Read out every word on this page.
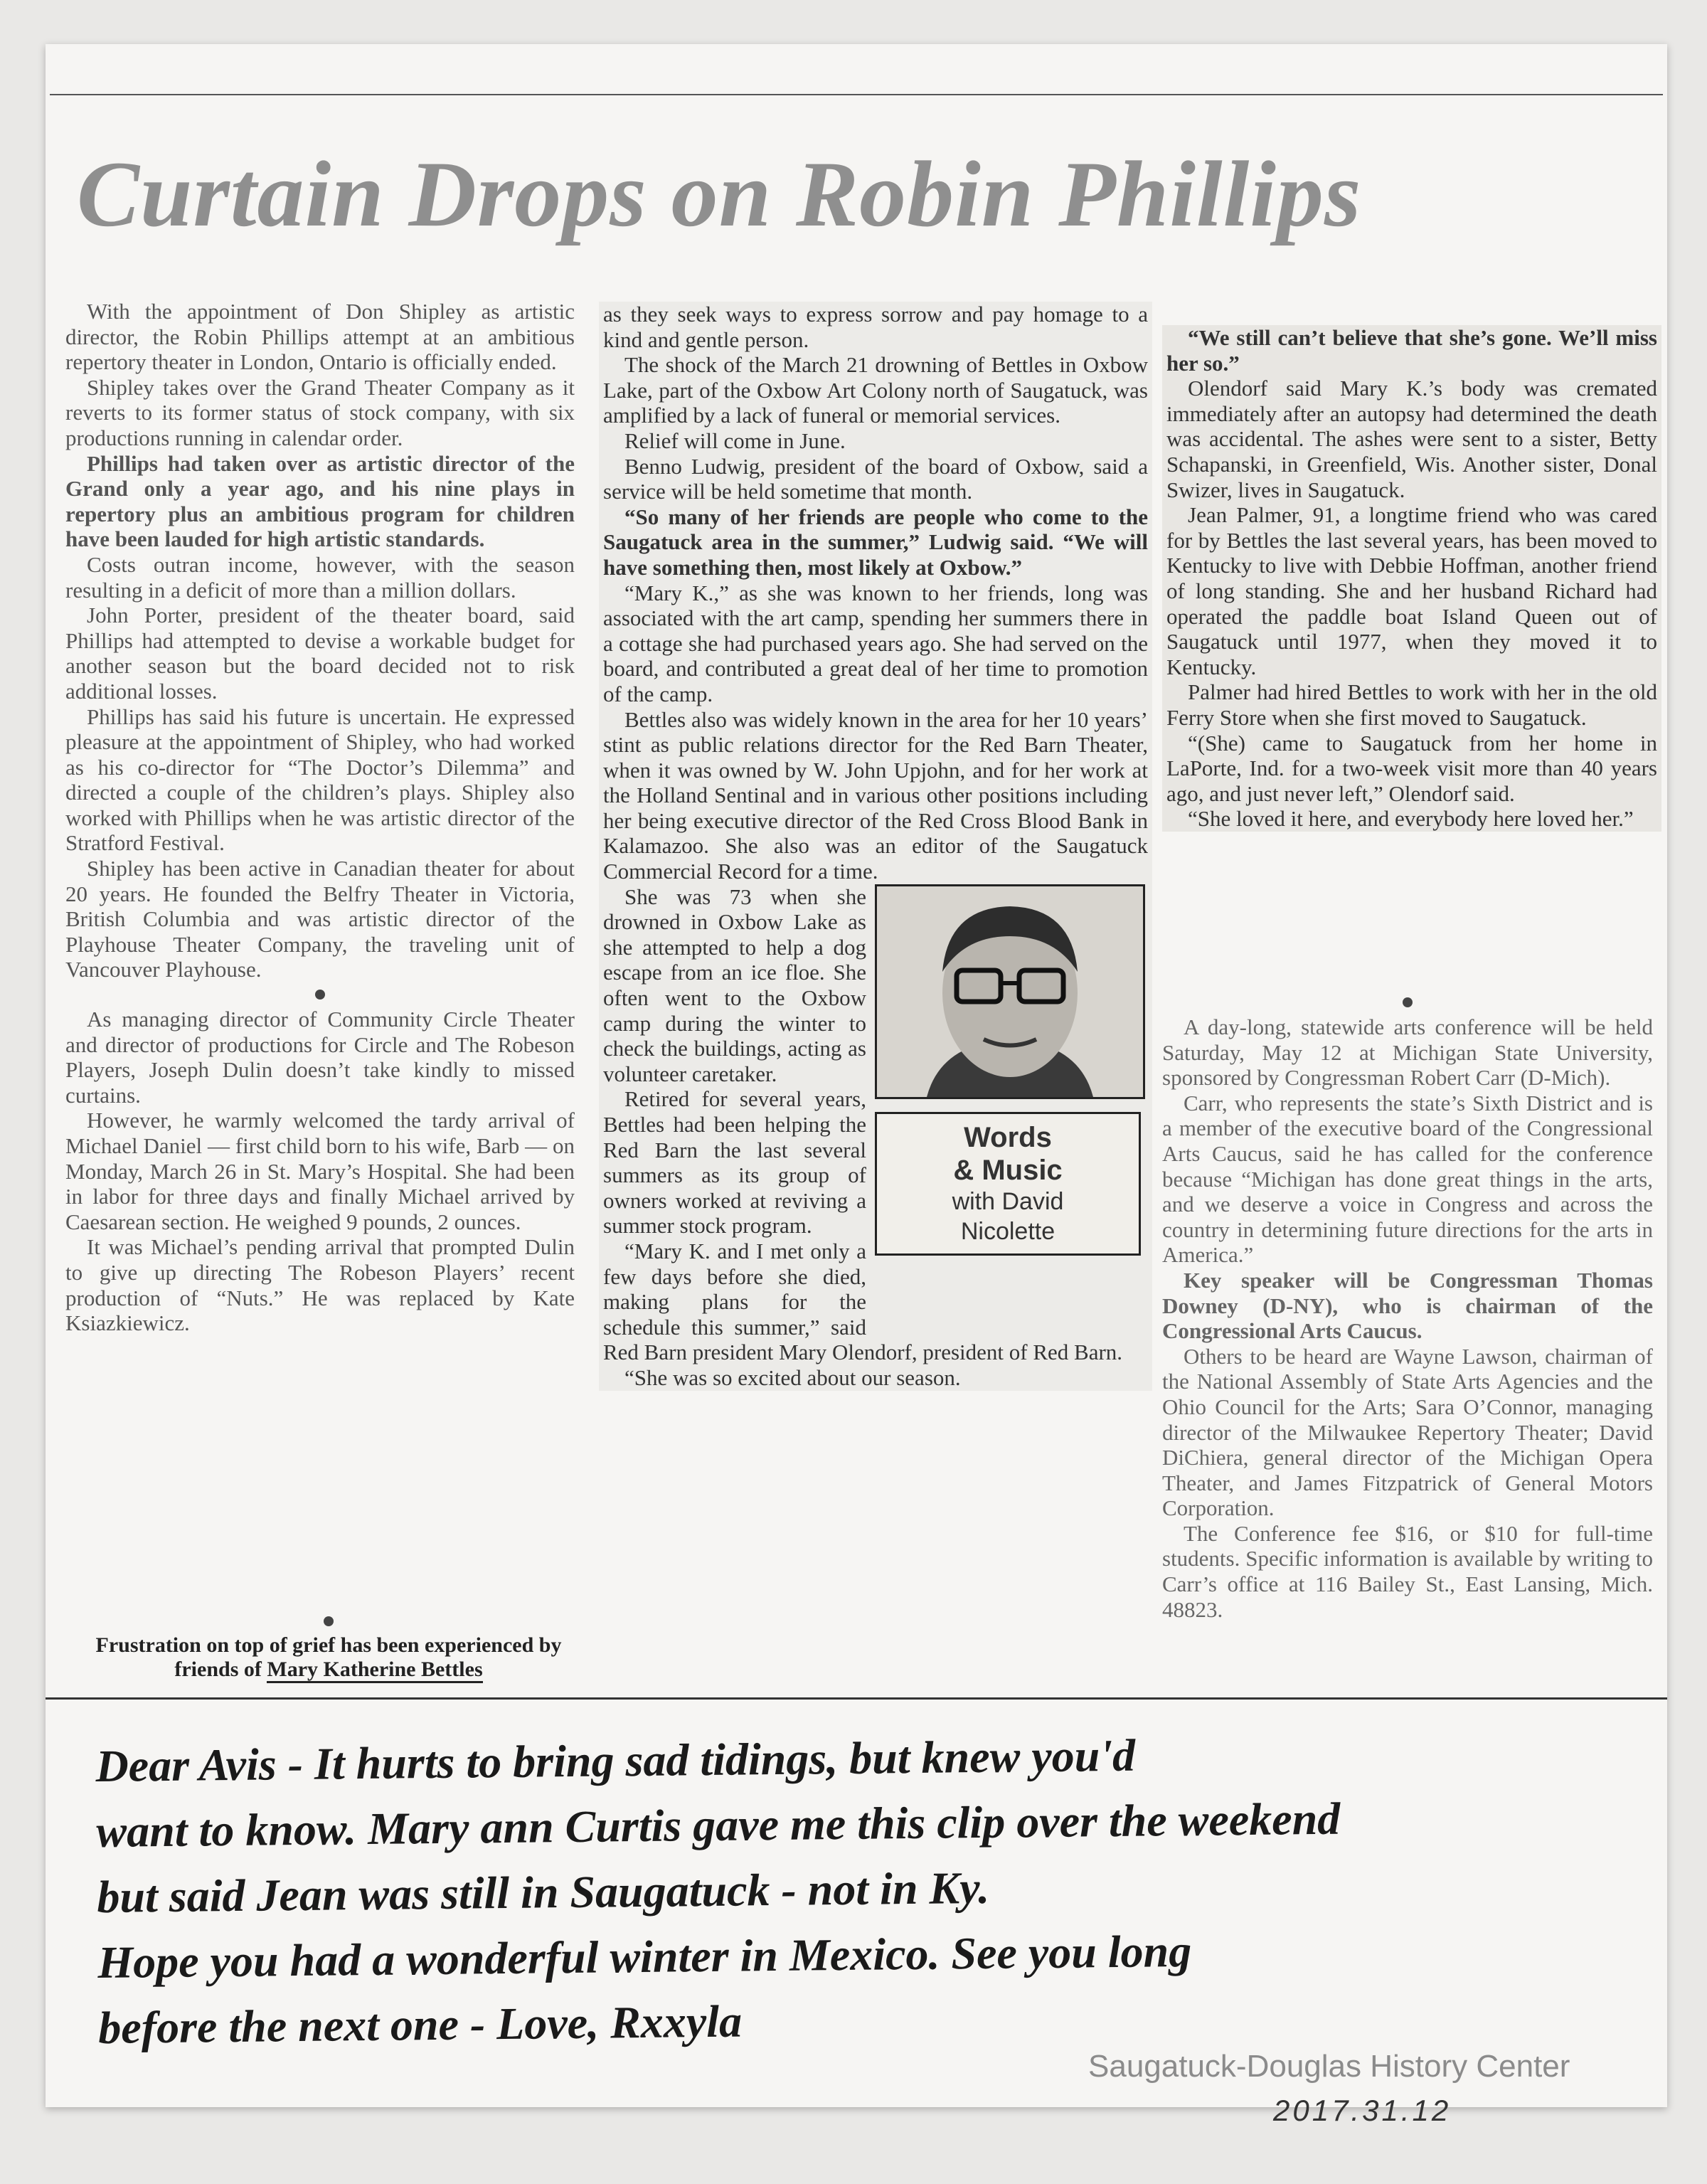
Curtain Drops on Robin Phillips

With the appointment of Don Shipley as artistic director, the Robin Phillips attempt at an ambitious repertory theater in London, Ontario is officially ended.

Shipley takes over the Grand Theater Company as it reverts to its former status of stock company, with six productions running in calendar order.

Phillips had taken over as artistic director of the Grand only a year ago, and his nine plays in repertory plus an ambitious program for children have been lauded for high artistic standards.

Costs outran income, however, with the season resulting in a deficit of more than a million dollars.

John Porter, president of the theater board, said Phillips had attempted to devise a workable budget for another season but the board decided not to risk additional losses.

Phillips has said his future is uncertain. He expressed pleasure at the appointment of Shipley, who had worked as his co-director for “The Doctor’s Dilemma” and directed a couple of the children’s plays. Shipley also worked with Phillips when he was artistic director of the Stratford Festival.

Shipley has been active in Canadian theater for about 20 years. He founded the Belfry Theater in Victoria, British Columbia and was artistic director of the Playhouse Theater Company, the traveling unit of Vancouver Playhouse.

As managing director of Community Circle Theater and director of productions for Circle and The Robeson Players, Joseph Dulin doesn’t take kindly to missed curtains.

However, he warmly welcomed the tardy arrival of Michael Daniel — first child born to his wife, Barb — on Monday, March 26 in St. Mary’s Hospital. She had been in labor for three days and finally Michael arrived by Caesarean section. He weighed 9 pounds, 2 ounces.

It was Michael’s pending arrival that prompted Dulin to give up directing The Robeson Players’ recent production of “Nuts.” He was replaced by Kate Ksiazkiewicz.

Frustration on top of grief has been experienced by friends of Mary Katherine Bettles

as they seek ways to express sorrow and pay homage to a kind and gentle person.

The shock of the March 21 drowning of Bettles in Oxbow Lake, part of the Oxbow Art Colony north of Saugatuck, was amplified by a lack of funeral or memorial services.

Relief will come in June.

Benno Ludwig, president of the board of Oxbow, said a service will be held sometime that month.

“So many of her friends are people who come to the Saugatuck area in the summer,” Ludwig said. “We will have something then, most likely at Oxbow.”

“Mary K.,” as she was known to her friends, long was associated with the art camp, spending her summers there in a cottage she had purchased years ago. She had served on the board, and contributed a great deal of her time to promotion of the camp.

Bettles also was widely known in the area for her 10 years’ stint as public relations director for the Red Barn Theater, when it was owned by W. John Upjohn, and for her work at the Holland Sentinal and in various other positions including her being executive director of the Red Cross Blood Bank in Kalamazoo. She also was an editor of the Saugatuck Commercial Record for a time.

Words
& Music
with David
Nicolette

She was 73 when she drowned in Oxbow Lake as she attempted to help a dog escape from an ice floe. She often went to the Oxbow camp during the winter to check the buildings, acting as volunteer caretaker.

Retired for several years, Bettles had been helping the Red Barn the last several summers as its group of owners worked at reviving a summer stock program.

“Mary K. and I met only a few days before she died, making plans for the schedule this summer,” said Red Barn president Mary Olendorf, president of Red Barn.

“She was so excited about our season.

“We still can’t believe that she’s gone. We’ll miss her so.”

Olendorf said Mary K.’s body was cremated immediately after an autopsy had determined the death was accidental. The ashes were sent to a sister, Betty Schapanski, in Greenfield, Wis. Another sister, Donal Swizer, lives in Saugatuck.

Jean Palmer, 91, a longtime friend who was cared for by Bettles the last several years, has been moved to Kentucky to live with Debbie Hoffman, another friend of long standing. She and her husband Richard had operated the paddle boat Island Queen out of Saugatuck until 1977, when they moved it to Kentucky.

Palmer had hired Bettles to work with her in the old Ferry Store when she first moved to Saugatuck.

“(She) came to Saugatuck from her home in LaPorte, Ind. for a two-week visit more than 40 years ago, and just never left,” Olendorf said.

“She loved it here, and everybody here loved her.”

A day-long, statewide arts conference will be held Saturday, May 12 at Michigan State University, sponsored by Congressman Robert Carr (D-Mich).

Carr, who represents the state’s Sixth District and is a member of the executive board of the Congressional Arts Caucus, said he has called for the conference because “Michigan has done great things in the arts, and we deserve a voice in Congress and across the country in determining future directions for the arts in America.”

Key speaker will be Congressman Thomas Downey (D-NY), who is chairman of the Congressional Arts Caucus.

Others to be heard are Wayne Lawson, chairman of the National Assembly of State Arts Agencies and the Ohio Council for the Arts; Sara O’Connor, managing director of the Milwaukee Repertory Theater; David DiChiera, general director of the Michigan Opera Theater, and James Fitzpatrick of General Motors Corporation.

The Conference fee $16, or $10 for full-time students. Specific information is available by writing to Carr’s office at 116 Bailey St., East Lansing, Mich. 48823.

Dear Avis - It hurts to bring sad tidings, but knew you'd
want to know. Mary ann Curtis gave me this clip over the weekend
but said Jean was still in Saugatuck - not in Ky.
Hope you had a wonderful winter in Mexico. See you long
before the next one - Love, Rxxyla
Saugatuck-Douglas History Center
2017.31.12
